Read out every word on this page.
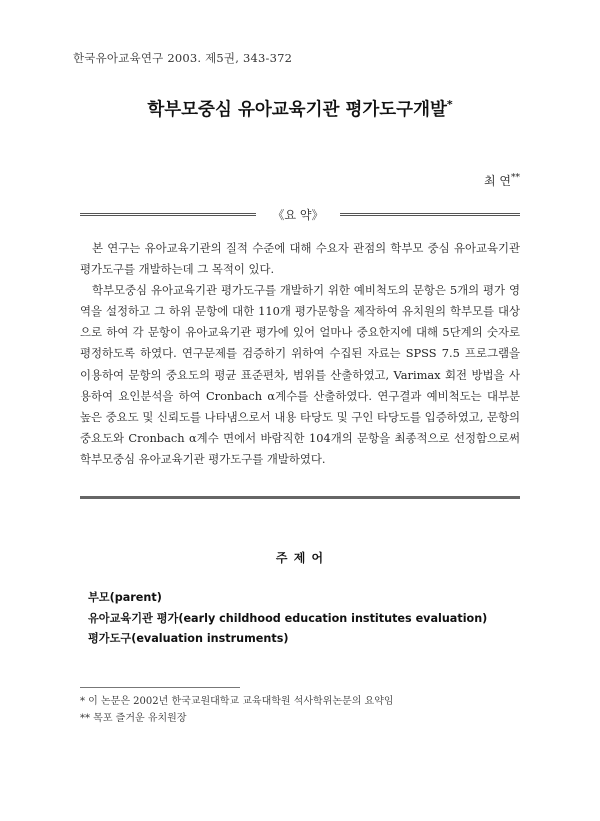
한국유아교육연구 2003. 제5권, 343-372
학부모중심 유아교육기관 평가도구개발*
최 연**
《요 약》

본 연구는 유아교육기관의 질적 수준에 대해 수요자 관점의 학부모 중심 유아교육기관 평가도구를 개발하는데 그 목적이 있다.

학부모중심 유아교육기관 평가도구를 개발하기 위한 예비척도의 문항은 5개의 평가 영역을 설정하고 그 하위 문항에 대한 110개 평가문항을 제작하여 유치원의 학부모를 대상으로 하여 각 문항이 유아교육기관 평가에 있어 얼마나 중요한지에 대해 5단계의 숫자로 평정하도록 하였다. 연구문제를 검증하기 위하여 수집된 자료는 SPSS 7.5 프로그램을 이용하여 문항의 중요도의 평균 표준편차, 범위를 산출하였고, Varimax 회전 방법을 사용하여 요인분석을 하여 Cronbach α계수를 산출하였다. 연구결과 예비척도는 대부분 높은 중요도 및 신뢰도를 나타냄으로서 내용 타당도 및 구인 타당도를 입증하였고, 문항의 중요도와 Cronbach α계수 면에서 바람직한 104개의 문항을 최종적으로 선정함으로써 학부모중심 유아교육기관 평가도구를 개발하였다.

주 제 어
부모(parent)
유아교육기관 평가(early childhood education institutes evaluation)
평가도구(evaluation instruments)
* 이 논문은 2002년 한국교원대학교 교육대학원 석사학위논문의 요약임
** 목포 즐거운 유치원장
